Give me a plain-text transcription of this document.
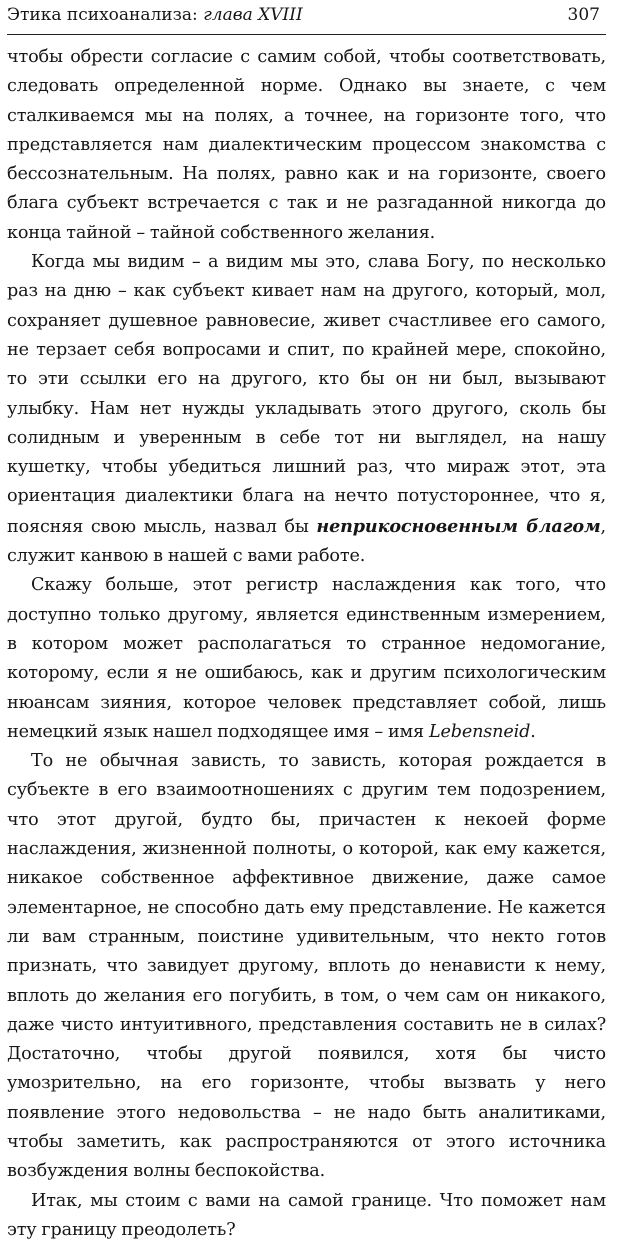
Этика психоанализа: глава XVIII	307

чтобы обрести согласие с самим собой, чтобы соответствовать, следовать определенной норме. Однако вы знаете, с чем сталкиваемся мы на полях, а точнее, на горизонте того, что представляется нам диалектическим процессом знакомства с бессознательным. На полях, равно как и на горизонте, своего блага субъект встречается с так и не разгаданной никогда до конца тайной – тайной собственного желания.

Когда мы видим – а видим мы это, слава Богу, по несколько раз на дню – как субъект кивает нам на другого, который, мол, сохраняет душевное равновесие, живет счастливее его самого, не терзает себя вопросами и спит, по крайней мере, спокойно, то эти ссылки его на другого, кто бы он ни был, вызывают улыбку. Нам нет нужды укладывать этого другого, сколь бы солидным и уверенным в себе тот ни выглядел, на нашу кушетку, чтобы убедиться лишний раз, что мираж этот, эта ориентация диалектики блага на нечто потустороннее, что я, поясняя свою мысль, назвал бы неприкосновенным благом, служит канвою в нашей с вами работе.

Скажу больше, этот регистр наслаждения как того, что доступно только другому, является единственным измерением, в котором может располагаться то странное недомогание, которому, если я не ошибаюсь, как и другим психологическим нюансам зияния, которое человек представляет собой, лишь немецкий язык нашел подходящее имя – имя Lebensneid.

То не обычная зависть, то зависть, которая рождается в субъекте в его взаимоотношениях с другим тем подозрением, что этот другой, будто бы, причастен к некоей форме наслаждения, жизненной полноты, о которой, как ему кажется, никакое собственное аффективное движение, даже самое элементарное, не способно дать ему представление. Не кажется ли вам странным, поистине удивительным, что некто готов признать, что завидует другому, вплоть до ненависти к нему, вплоть до желания его погубить, в том, о чем сам он никакого, даже чисто интуитивного, представления составить не в силах? Достаточно, чтобы другой появился, хотя бы чисто умозрительно, на его горизонте, чтобы вызвать у него появление этого недовольства – не надо быть аналитиками, чтобы заметить, как распространяются от этого источника возбуждения волны беспокойства.

Итак, мы стоим с вами на самой границе. Что поможет нам эту границу преодолеть?
